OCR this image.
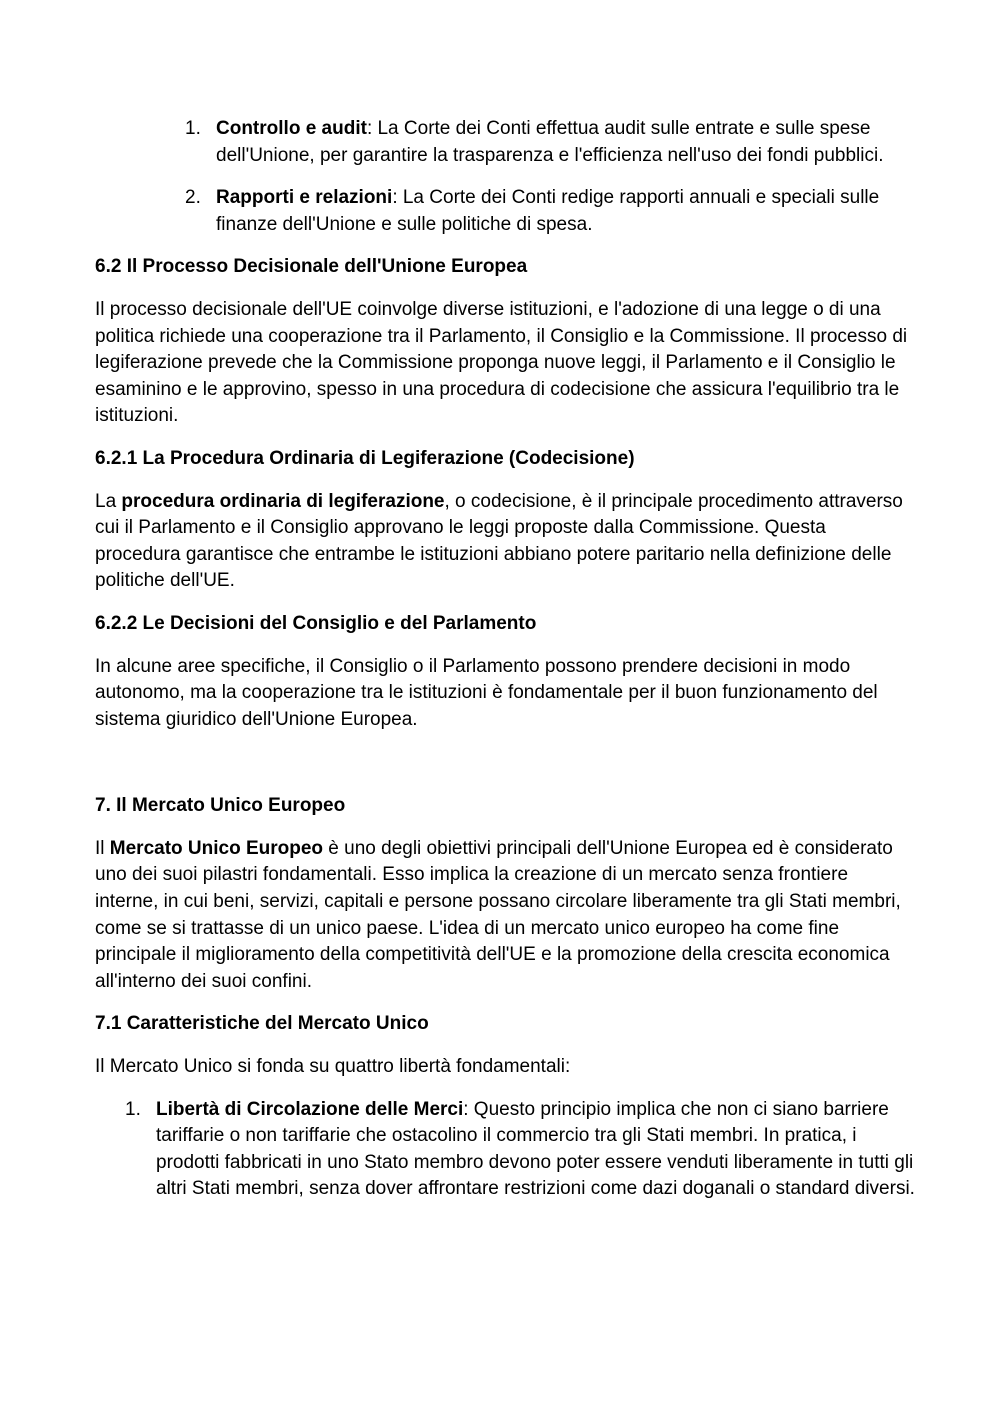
1. Controllo e audit: La Corte dei Conti effettua audit sulle entrate e sulle spese dell'Unione, per garantire la trasparenza e l'efficienza nell'uso dei fondi pubblici.

2. Rapporti e relazioni: La Corte dei Conti redige rapporti annuali e speciali sulle finanze dell'Unione e sulle politiche di spesa.

6.2 Il Processo Decisionale dell'Unione Europea

Il processo decisionale dell'UE coinvolge diverse istituzioni, e l'adozione di una legge o di una politica richiede una cooperazione tra il Parlamento, il Consiglio e la Commissione. Il processo di legiferazione prevede che la Commissione proponga nuove leggi, il Parlamento e il Consiglio le esaminino e le approvino, spesso in una procedura di codecisione che assicura l'equilibrio tra le istituzioni.

6.2.1 La Procedura Ordinaria di Legiferazione (Codecisione)

La procedura ordinaria di legiferazione, o codecisione, è il principale procedimento attraverso cui il Parlamento e il Consiglio approvano le leggi proposte dalla Commissione. Questa procedura garantisce che entrambe le istituzioni abbiano potere paritario nella definizione delle politiche dell'UE.

6.2.2 Le Decisioni del Consiglio e del Parlamento

In alcune aree specifiche, il Consiglio o il Parlamento possono prendere decisioni in modo autonomo, ma la cooperazione tra le istituzioni è fondamentale per il buon funzionamento del sistema giuridico dell'Unione Europea.

7. Il Mercato Unico Europeo

Il Mercato Unico Europeo è uno degli obiettivi principali dell'Unione Europea ed è considerato uno dei suoi pilastri fondamentali. Esso implica la creazione di un mercato senza frontiere interne, in cui beni, servizi, capitali e persone possano circolare liberamente tra gli Stati membri, come se si trattasse di un unico paese. L'idea di un mercato unico europeo ha come fine principale il miglioramento della competitività dell'UE e la promozione della crescita economica all'interno dei suoi confini.

7.1 Caratteristiche del Mercato Unico

Il Mercato Unico si fonda su quattro libertà fondamentali:

1. Libertà di Circolazione delle Merci: Questo principio implica che non ci siano barriere tariffarie o non tariffarie che ostacolino il commercio tra gli Stati membri. In pratica, i prodotti fabbricati in uno Stato membro devono poter essere venduti liberamente in tutti gli altri Stati membri, senza dover affrontare restrizioni come dazi doganali o standard diversi.
